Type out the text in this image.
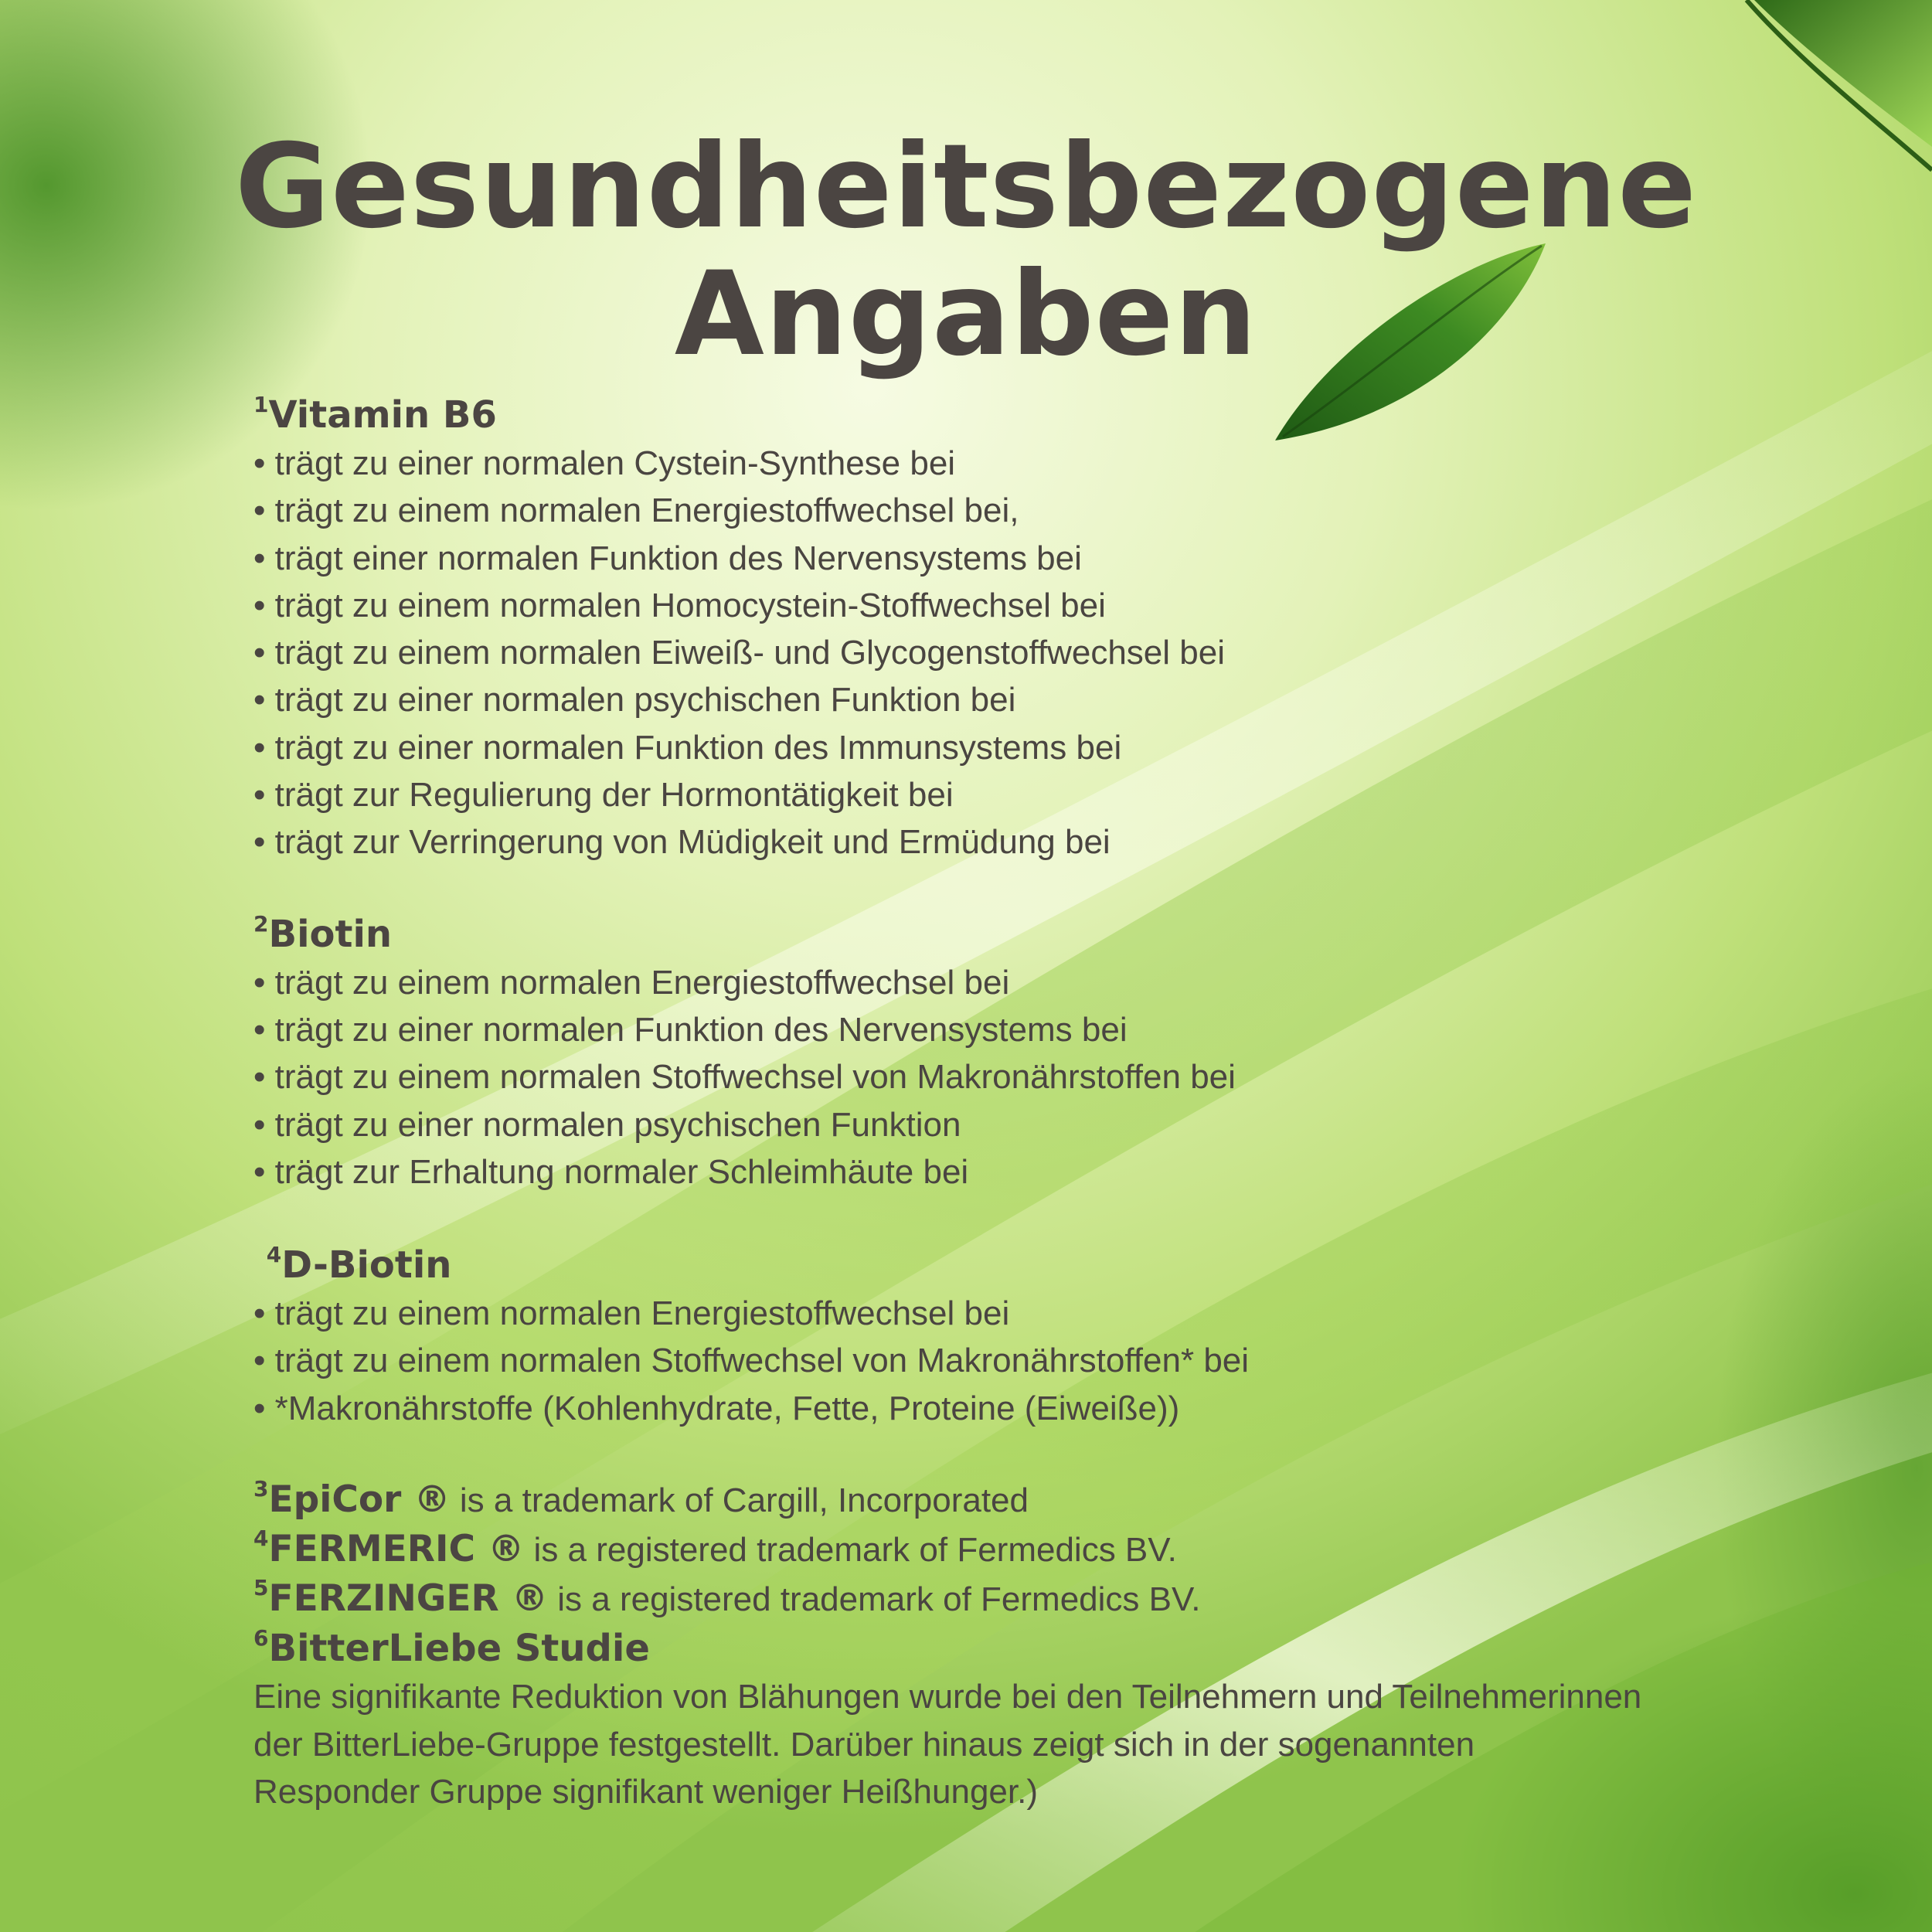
Gesundheitsbezogene
Angaben

$^1$Vitamin B6

• trägt zu einer normalen Cystein-Synthese bei

• trägt zu einem normalen Energiestoffwechsel bei,

• trägt einer normalen Funktion des Nervensystems bei

• trägt zu einem normalen Homocystein-Stoffwechsel bei

• trägt zu einem normalen Eiweiß- und Glycogenstoffwechsel bei

• trägt zu einer normalen psychischen Funktion bei

• trägt zu einer normalen Funktion des Immunsystems bei

• trägt zur Regulierung der Hormontätigkeit bei

• trägt zur Verringerung von Müdigkeit und Ermüdung bei

$^2$Biotin

• trägt zu einem normalen Energiestoffwechsel bei

• trägt zu einer normalen Funktion des Nervensystems bei

• trägt zu einem normalen Stoffwechsel von Makronährstoffen bei

• trägt zu einer normalen psychischen Funktion

• trägt zur Erhaltung normaler Schleimhäute bei

$^4$D-Biotin

• trägt zu einem normalen Energiestoffwechsel bei

• trägt zu einem normalen Stoffwechsel von Makronährstoffen* bei

• *Makronährstoffe (Kohlenhydrate, Fette, Proteine (Eiweiße))

$^3$EpiCor ® is a trademark of Cargill, Incorporated
$^4$FERMERIC ® is a registered trademark of Fermedics BV.
$^5$FERZINGER ® is a registered trademark of Fermedics BV.

$^6$BitterLiebe Studie

Eine signifikante Reduktion von Blähungen wurde bei den Teilnehmern und Teilnehmerinnen

der BitterLiebe-Gruppe festgestellt. Darüber hinaus zeigt sich in der sogenannten

Responder Gruppe signifikant weniger Heißhunger.)
